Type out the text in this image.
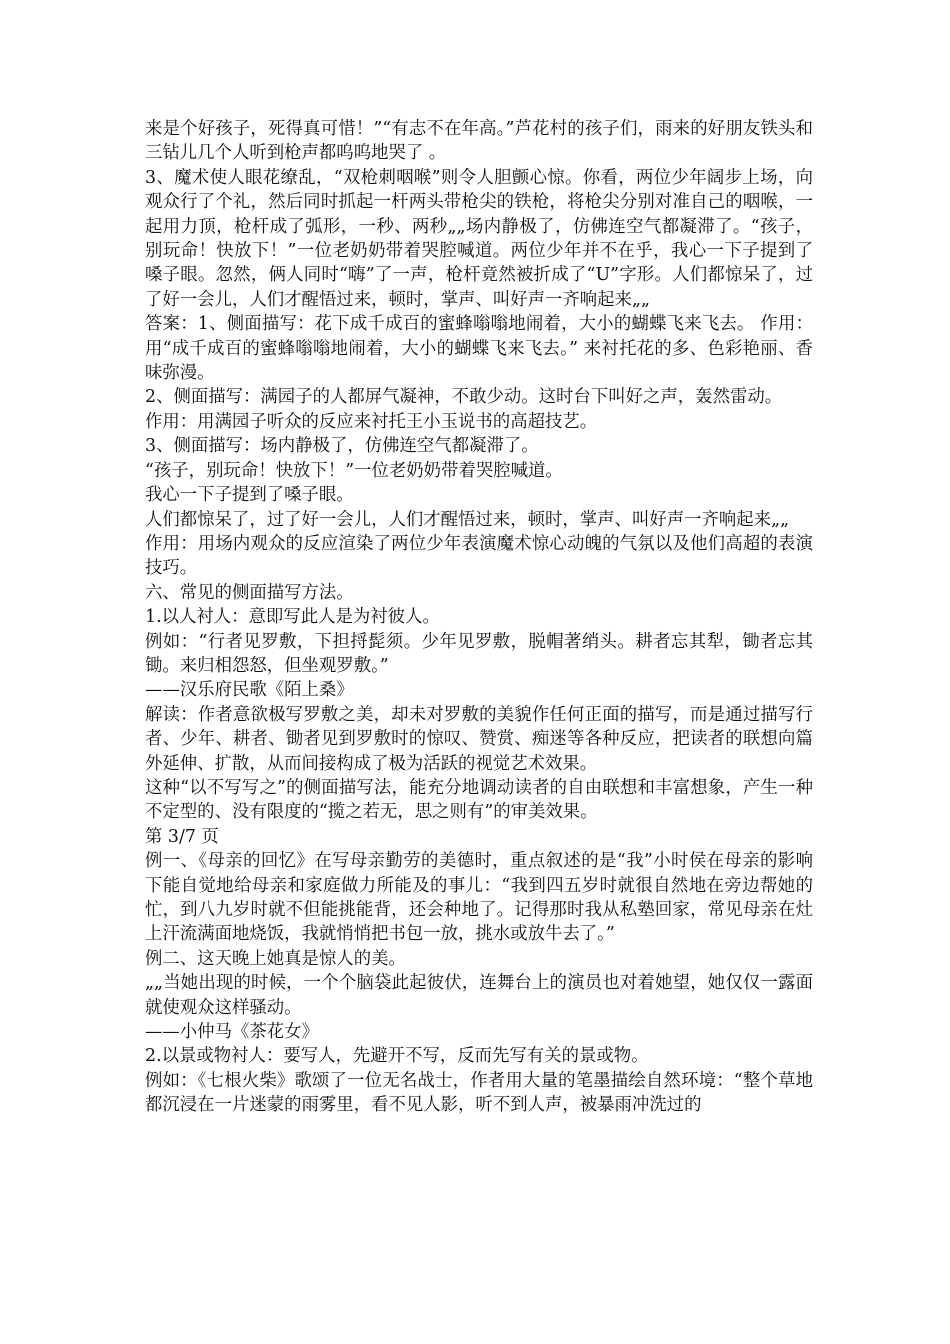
来是个好孩子，死得真可惜！”“有志不在年高。”芦花村的孩子们，雨来的好朋友铁头和三钻儿几个人听到枪声都呜呜地哭了 。

3、魔术使人眼花缭乱，“双枪刺咽喉”则令人胆颤心惊。你看，两位少年阔步上场，向观众行了个礼，然后同时抓起一杆两头带枪尖的铁枪，将枪尖分别对准自己的咽喉，一起用力顶，枪杆成了弧形，一秒、两秒„„场内静极了，仿佛连空气都凝滞了。“孩子，别玩命！快放下！”一位老奶奶带着哭腔喊道。两位少年并不在乎，我心一下子提到了嗓子眼。忽然，俩人同时“嗨”了一声，枪杆竟然被折成了“U”字形。人们都惊呆了，过了好一会儿，人们才醒悟过来，顿时，掌声、叫好声一齐响起来„„

答案：1、侧面描写：花下成千成百的蜜蜂嗡嗡地闹着，大小的蝴蝶飞来飞去。 作用：用“成千成百的蜜蜂嗡嗡地闹着，大小的蝴蝶飞来飞去。” 来衬托花的多、色彩艳丽、香味弥漫。

2、侧面描写：满园子的人都屏气凝神，不敢少动。这时台下叫好之声，轰然雷动。

作用：用满园子听众的反应来衬托王小玉说书的高超技艺。

3、侧面描写：场内静极了，仿佛连空气都凝滞了。

“孩子，别玩命！快放下！”一位老奶奶带着哭腔喊道。

我心一下子提到了嗓子眼。

人们都惊呆了，过了好一会儿，人们才醒悟过来，顿时，掌声、叫好声一齐响起来„„

作用：用场内观众的反应渲染了两位少年表演魔术惊心动魄的气氛以及他们高超的表演技巧。

六、常见的侧面描写方法。

1.以人衬人：意即写此人是为衬彼人。

例如：“行者见罗敷，下担捋髭须。少年见罗敷，脱帽著绡头。耕者忘其犁，锄者忘其锄。来归相怨怒，但坐观罗敷。”

——汉乐府民歌《陌上桑》

解读：作者意欲极写罗敷之美，却未对罗敷的美貌作任何正面的描写，而是通过描写行者、少年、耕者、锄者见到罗敷时的惊叹、赞赏、痴迷等各种反应，把读者的联想向篇外延伸、扩散，从而间接构成了极为活跃的视觉艺术效果。

这种“以不写写之”的侧面描写法，能充分地调动读者的自由联想和丰富想象，产生一种不定型的、没有限度的“揽之若无，思之则有”的审美效果。

第 3/7 页

例一、《母亲的回忆》在写母亲勤劳的美德时，重点叙述的是“我”小时侯在母亲的影响下能自觉地给母亲和家庭做力所能及的事儿：“我到四五岁时就很自然地在旁边帮她的忙，到八九岁时就不但能挑能背，还会种地了。记得那时我从私塾回家，常见母亲在灶上汗流满面地烧饭，我就悄悄把书包一放，挑水或放牛去了。”

例二、这天晚上她真是惊人的美。

„„当她出现的时候，一个个脑袋此起彼伏，连舞台上的演员也对着她望，她仅仅一露面就使观众这样骚动。

——小仲马《茶花女》

2.以景或物衬人：要写人，先避开不写，反而先写有关的景或物。

例如：《七根火柴》歌颂了一位无名战士，作者用大量的笔墨描绘自然环境：“整个草地都沉浸在一片迷蒙的雨雾里，看不见人影，听不到人声，被暴雨冲洗过的
